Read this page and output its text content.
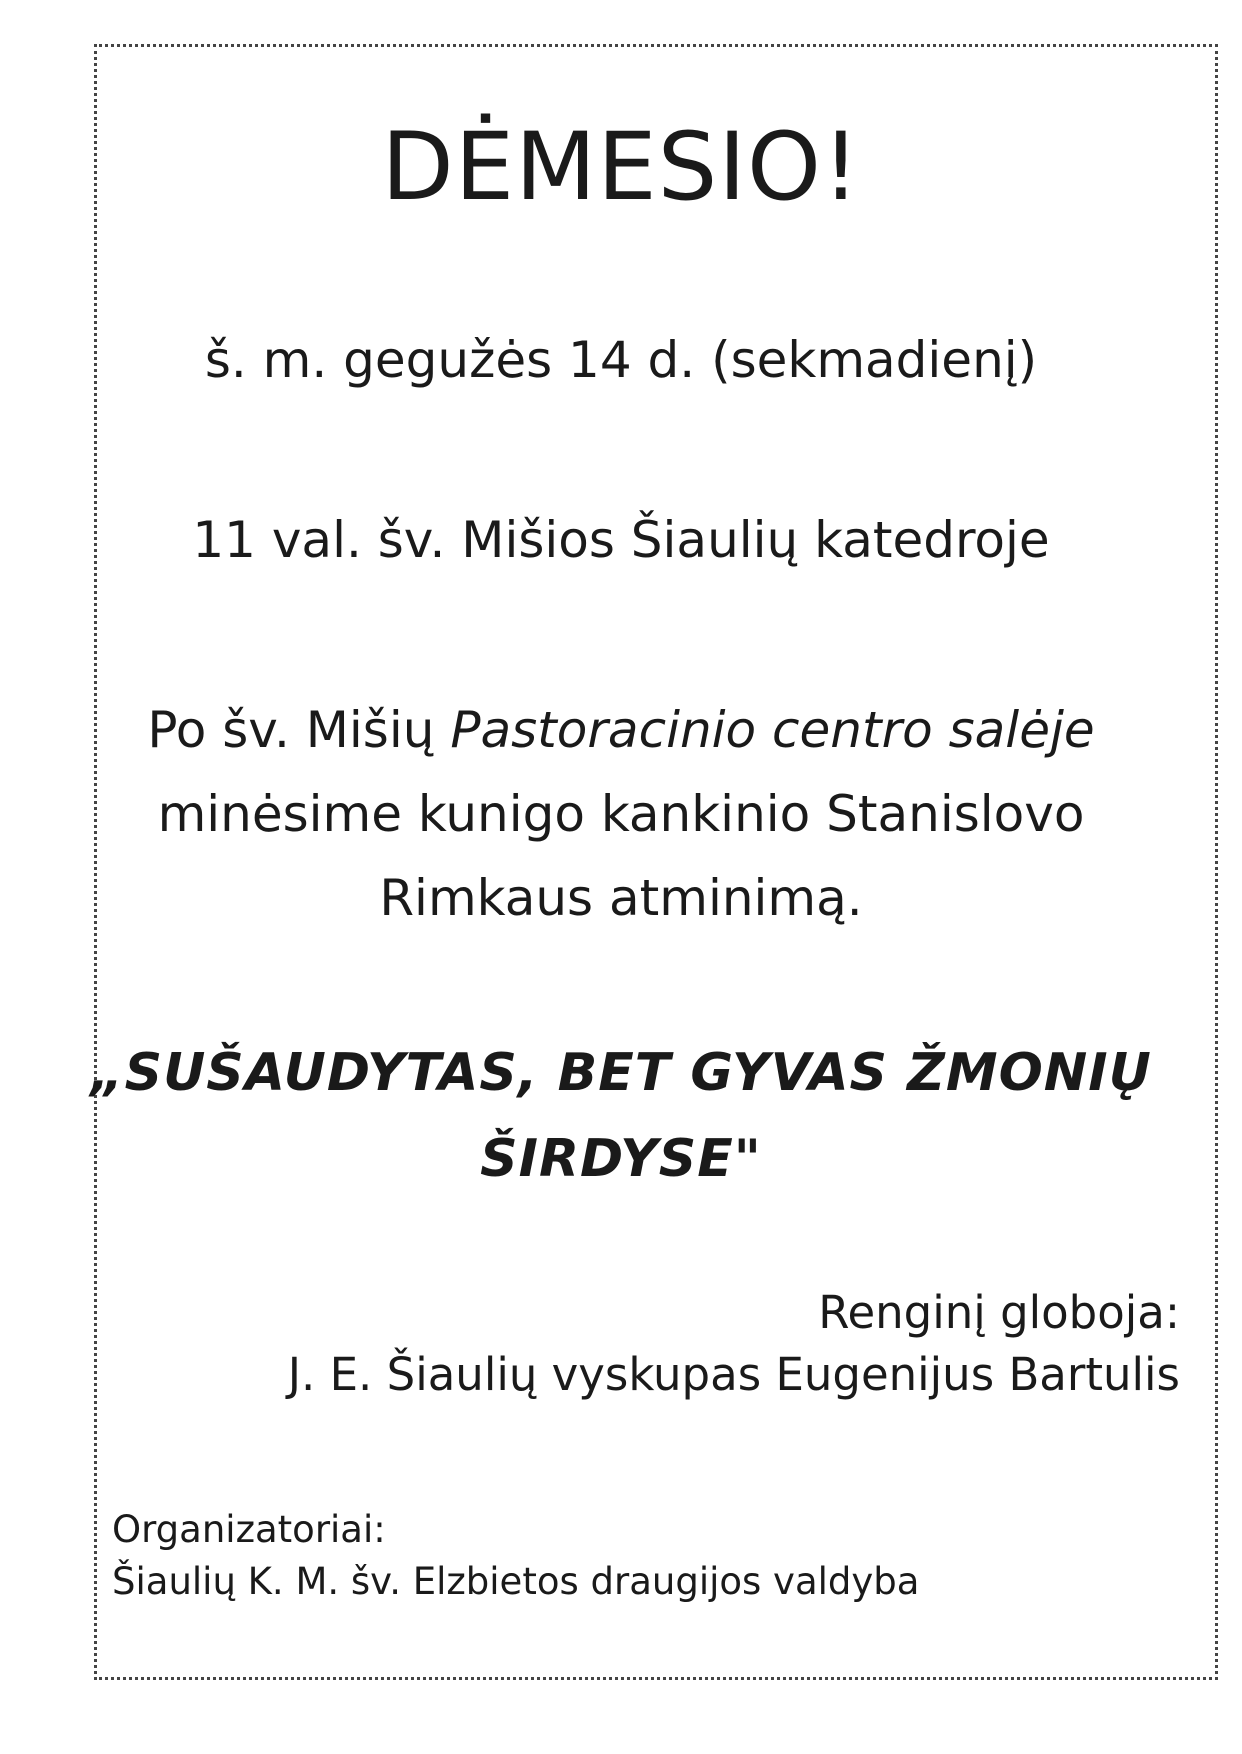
DĖMESIO!

š. m. gegužės 14 d. (sekmadienį)

11 val. šv. Mišios Šiaulių katedroje

Po šv. Mišių Pastoracinio centro salėje
minėsime kunigo kankinio Stanislovo
Rimkaus atminimą.

„SUŠAUDYTAS, BET GYVAS ŽMONIŲ
ŠIRDYSE"

Renginį globoja:
J. E. Šiaulių vyskupas Eugenijus Bartulis

Organizatoriai:
Šiaulių K. M. šv. Elzbietos draugijos valdyba
